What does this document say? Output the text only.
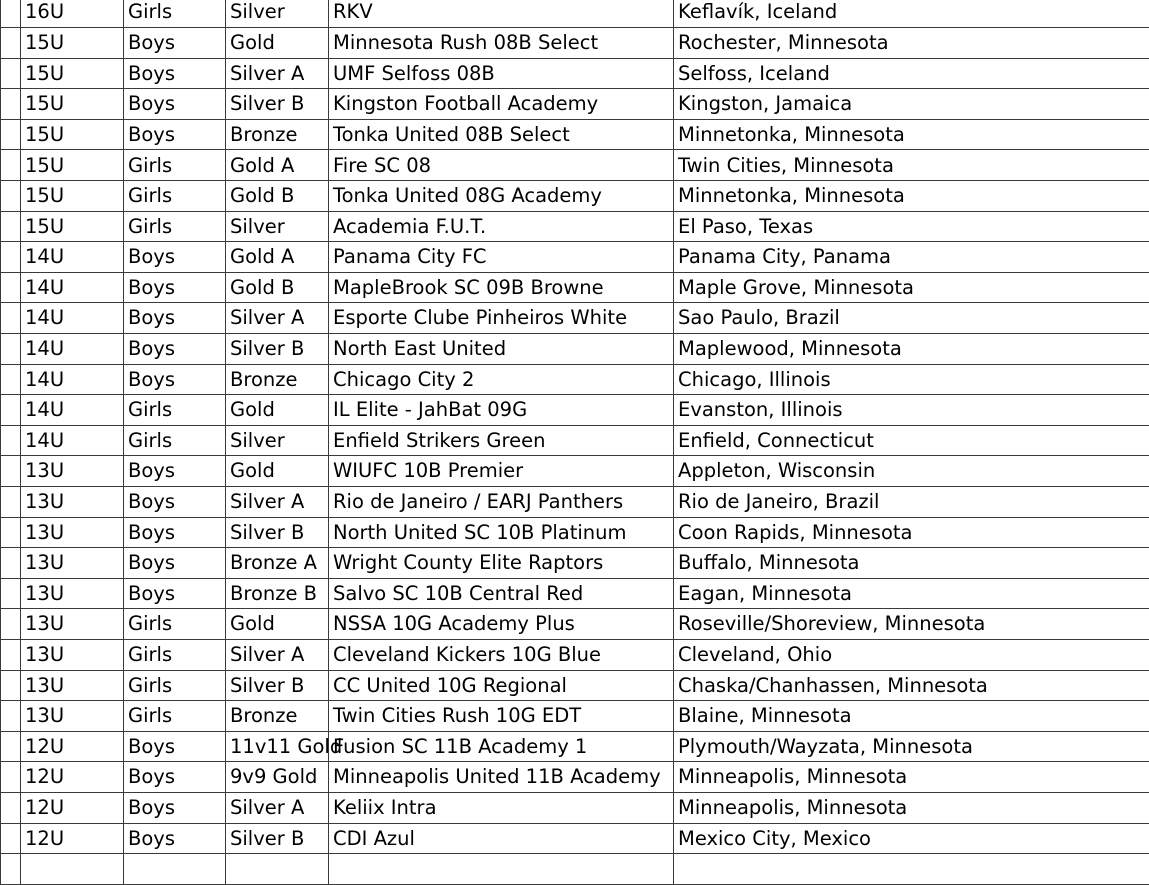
	16U	Girls	Silver	RKV	Keflavík, Iceland	
	15U	Boys	Gold	Minnesota Rush 08B Select	Rochester, Minnesota	
	15U	Boys	Silver A	UMF Selfoss 08B	Selfoss, Iceland	
	15U	Boys	Silver B	Kingston Football Academy	Kingston, Jamaica	
	15U	Boys	Bronze	Tonka United 08B Select	Minnetonka, Minnesota	
	15U	Girls	Gold A	Fire SC 08	Twin Cities, Minnesota	
	15U	Girls	Gold B	Tonka United 08G Academy	Minnetonka, Minnesota	
	15U	Girls	Silver	Academia F.U.T.	El Paso, Texas	
	14U	Boys	Gold A	Panama City FC	Panama City, Panama	
	14U	Boys	Gold B	MapleBrook SC 09B Browne	Maple Grove, Minnesota	
	14U	Boys	Silver A	Esporte Clube Pinheiros White	Sao Paulo, Brazil	
	14U	Boys	Silver B	North East United	Maplewood, Minnesota	
	14U	Boys	Bronze	Chicago City 2	Chicago, Illinois	
	14U	Girls	Gold	IL Elite - JahBat 09G	Evanston, Illinois	
	14U	Girls	Silver	Enfield Strikers Green	Enfield, Connecticut	
	13U	Boys	Gold	WIUFC 10B Premier	Appleton, Wisconsin	
	13U	Boys	Silver A	Rio de Janeiro / EARJ Panthers	Rio de Janeiro, Brazil	
	13U	Boys	Silver B	North United SC 10B Platinum	Coon Rapids, Minnesota	
	13U	Boys	Bronze A	Wright County Elite Raptors	Buffalo, Minnesota	
	13U	Boys	Bronze B	Salvo SC 10B Central Red	Eagan, Minnesota	
	13U	Girls	Gold	NSSA 10G Academy Plus	Roseville/Shoreview, Minnesota	
	13U	Girls	Silver A	Cleveland Kickers 10G Blue	Cleveland, Ohio	
	13U	Girls	Silver B	CC United 10G Regional	Chaska/Chanhassen, Minnesota	
	13U	Girls	Bronze	Twin Cities Rush 10G EDT	Blaine, Minnesota	
	12U	Boys	11v11 Gold	Fusion SC 11B Academy 1	Plymouth/Wayzata, Minnesota	
	12U	Boys	9v9 Gold	Minneapolis United 11B Academy	Minneapolis, Minnesota	
	12U	Boys	Silver A	Keliix Intra	Minneapolis, Minnesota	
	12U	Boys	Silver B	CDI Azul	Mexico City, Mexico	
